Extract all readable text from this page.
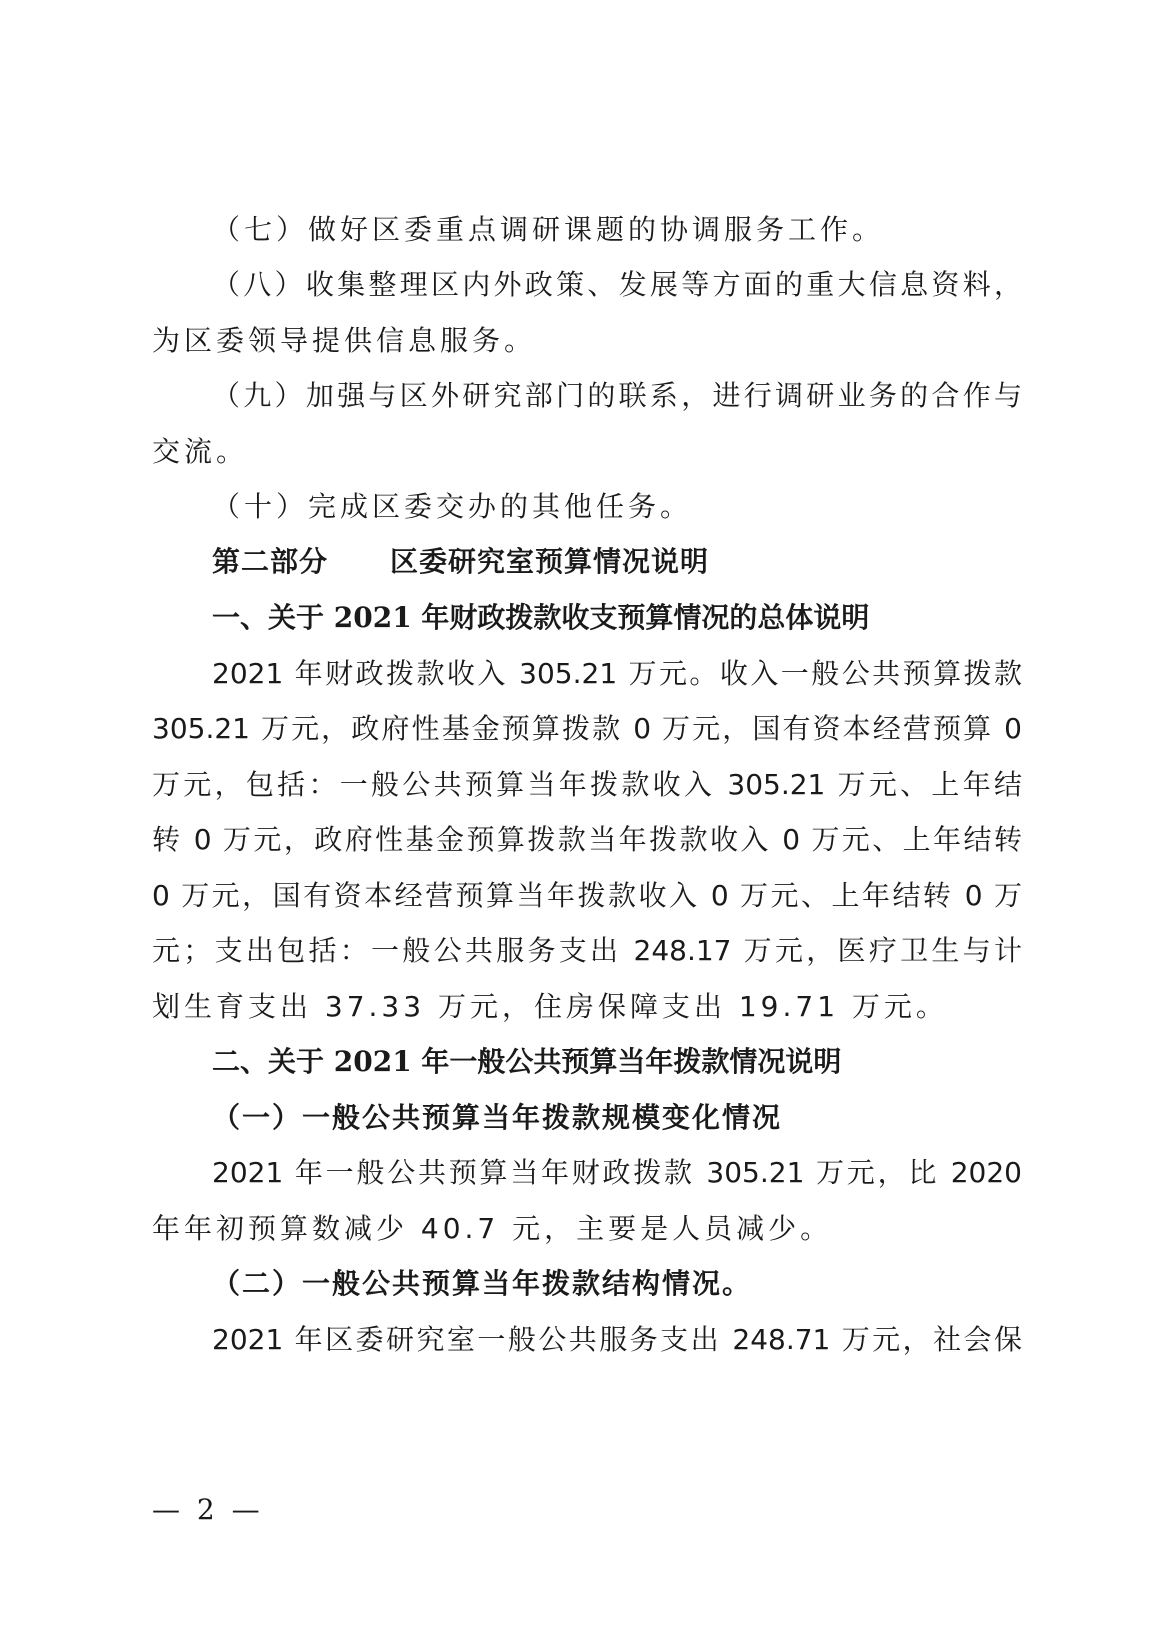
（七）做好区委重点调研课题的协调服务工作。

（八）收集整理区内外政策、发展等方面的重大信息资料，

为区委领导提供信息服务。

（九）加强与区外研究部门的联系，进行调研业务的合作与

交流。

（十）完成区委交办的其他任务。

第二部分 区委研究室预算情况说明

一、关于 2021 年财政拨款收支预算情况的总体说明

2021 年财政拨款收入 305.21 万元。收入一般公共预算拨款

305.21 万元，政府性基金预算拨款 0 万元，国有资本经营预算 0

万元，包括：一般公共预算当年拨款收入 305.21 万元、上年结

转 0 万元，政府性基金预算拨款当年拨款收入 0 万元、上年结转

0 万元，国有资本经营预算当年拨款收入 0 万元、上年结转 0 万

元；支出包括：一般公共服务支出 248.17 万元，医疗卫生与计

划生育支出 37.33 万元，住房保障支出 19.71 万元。

二、关于 2021 年一般公共预算当年拨款情况说明

（一）一般公共预算当年拨款规模变化情况

2021 年一般公共预算当年财政拨款 305.21 万元，比 2020

年年初预算数减少 40.7 元，主要是人员减少。

（二）一般公共预算当年拨款结构情况。

2021 年区委研究室一般公共服务支出 248.71 万元，社会保

— 2 —
